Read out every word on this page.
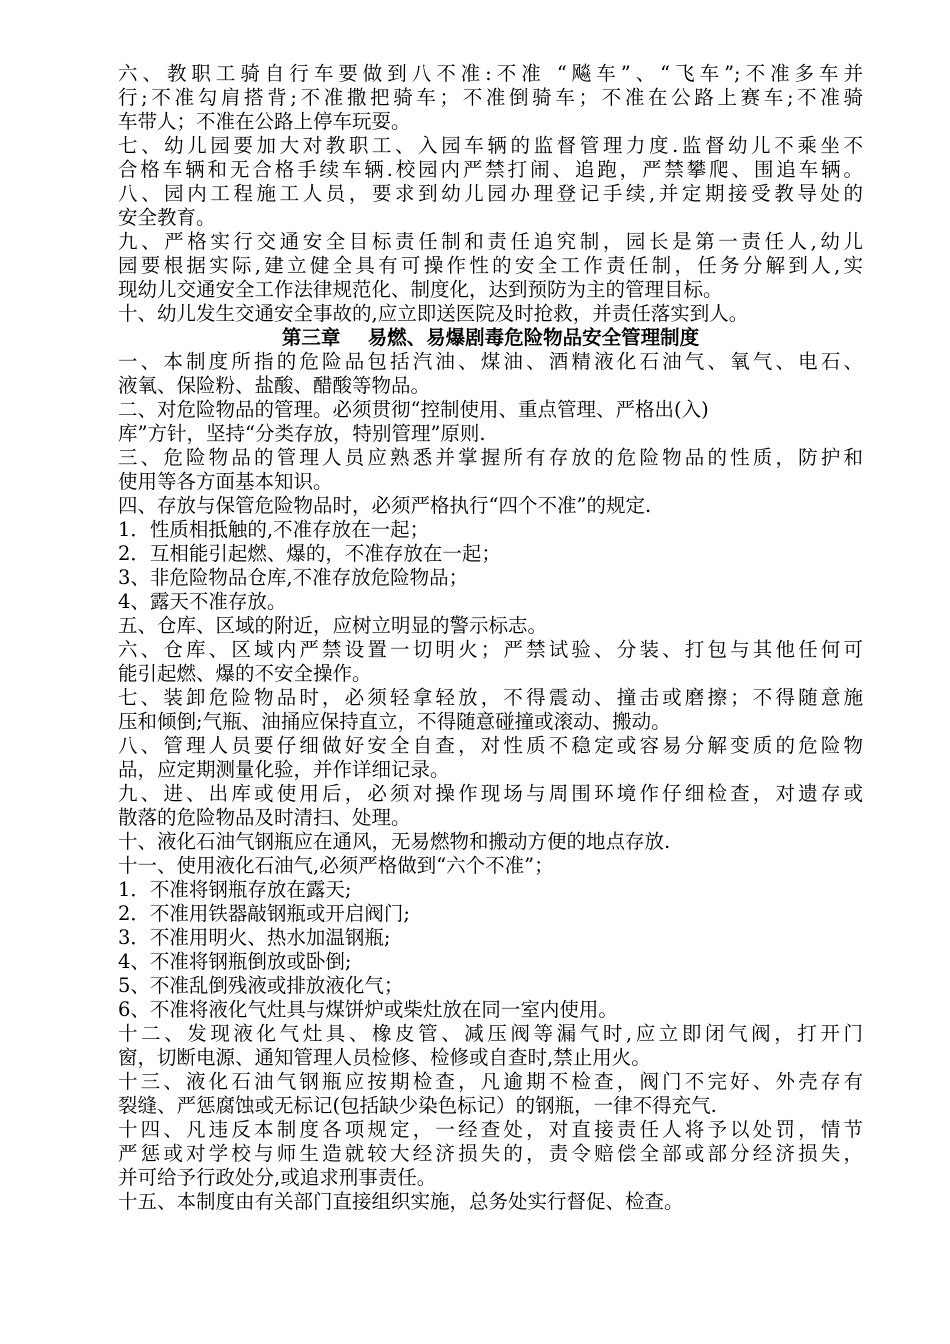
六、教职工骑自行车要做到八不准:不准 “飚车”、“飞车”;不准多车并
行;不准勾肩搭背;不准撒把骑车；不准倒骑车；不准在公路上赛车;不准骑
车带人；不准在公路上停车玩耍。
七、幼儿园要加大对教职工、入园车辆的监督管理力度.监督幼儿不乘坐不
合格车辆和无合格手续车辆.校园内严禁打闹、追跑，严禁攀爬、围追车辆。
八、园内工程施工人员，要求到幼儿园办理登记手续,并定期接受教导处的
安全教育。
九、严格实行交通安全目标责任制和责任追究制，园长是第一责任人,幼儿
园要根据实际,建立健全具有可操作性的安全工作责任制，任务分解到人,实
现幼儿交通安全工作法律规范化、制度化，达到预防为主的管理目标。
十、幼儿发生交通安全事故的,应立即送医院及时抢救，并责任落实到人。
第三章    易燃、易爆剧毒危险物品安全管理制度
一、本制度所指的危险品包括汽油、煤油、酒精液化石油气、氧气、电石、
液氧、保险粉、盐酸、醋酸等物品。
二、对危险物品的管理。必须贯彻“控制使用、重点管理、严格出(入)
库”方针，坚持“分类存放，特别管理”原则.
三、危险物品的管理人员应熟悉并掌握所有存放的危险物品的性质，防护和
使用等各方面基本知识。
四、存放与保管危险物品时，必须严格执行“四个不准”的规定.
1．性质相抵触的,不准存放在一起；
2．互相能引起燃、爆的，不准存放在一起；
3、非危险物品仓库,不准存放危险物品；
4、露天不准存放。
五、仓库、区域的附近，应树立明显的警示标志。
六、仓库、区域内严禁设置一切明火；严禁试验、分装、打包与其他任何可
能引起燃、爆的不安全操作。
七、装卸危险物品时，必须轻拿轻放，不得震动、撞击或磨擦；不得随意施
压和倾倒;气瓶、油捅应保持直立，不得随意碰撞或滚动、搬动。
八、管理人员要仔细做好安全自查，对性质不稳定或容易分解变质的危险物
品，应定期测量化验，并作详细记录。
九、进、出库或使用后，必须对操作现场与周围环境作仔细检查，对遗存或
散落的危险物品及时清扫、处理。
十、液化石油气钢瓶应在通风，无易燃物和搬动方便的地点存放.
十一、使用液化石油气,必须严格做到“六个不准”；
1．不准将钢瓶存放在露天;
2．不准用铁器敲钢瓶或开启阀门;
3．不准用明火、热水加温钢瓶;
4、不准将钢瓶倒放或卧倒;
5、不准乱倒残液或排放液化气；
6、不准将液化气灶具与煤饼炉或柴灶放在同一室内使用。
十二、发现液化气灶具、橡皮管、减压阀等漏气时,应立即闭气阀，打开门
窗，切断电源、通知管理人员检修、检修或自查时,禁止用火。
十三、液化石油气钢瓶应按期检查，凡逾期不检查，阀门不完好、外壳存有
裂缝、严惩腐蚀或无标记(包括缺少染色标记）的钢瓶，一律不得充气.
十四、凡违反本制度各项规定，一经查处，对直接责任人将予以处罚，情节
严惩或对学校与师生造就较大经济损失的，责令赔偿全部或部分经济损失，
并可给予行政处分,或追求刑事责任。
十五、本制度由有关部门直接组织实施，总务处实行督促、检查。
